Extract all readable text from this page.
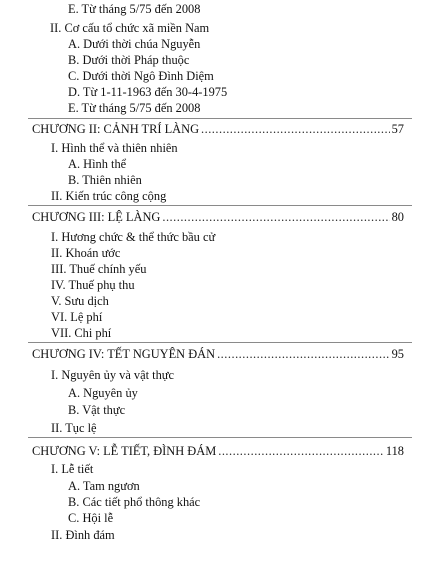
E. Từ tháng 5/75 đến 2008
II. Cơ cấu tổ chức xã miền Nam
A. Dưới thời chúa Nguyễn
B. Dưới thời Pháp thuộc
C. Dưới thời Ngô Đình Diệm
D. Từ 1-11-1963 đến 30-4-1975
E. Từ tháng 5/75 đến 2008
CHƯƠNG II: CẢNH TRÍ LÀNG .....	57
I. Hình thể và thiên nhiên
A. Hình thể
B. Thiên nhiên
II. Kiến trúc công cộng
CHƯƠNG III: LỆ LÀNG .....	80
I. Hương chức & thể thức bầu cử
II. Khoán ước
III. Thuế chính yếu
IV. Thuế phụ thu
V. Sưu dịch
VI. Lệ phí
VII. Chi phí
CHƯƠNG IV: TẾT NGUYÊN ĐÁN .....	95
I. Nguyên ủy và vật thực
A. Nguyên ủy
B. Vật thực
II. Tục lệ
CHƯƠNG V: LỄ TIẾT, ĐÌNH ĐÁM .....	118
I. Lễ tiết
A. Tam ngươn
B. Các tiết phổ thông khác
C. Hội lễ
II. Đình đám
